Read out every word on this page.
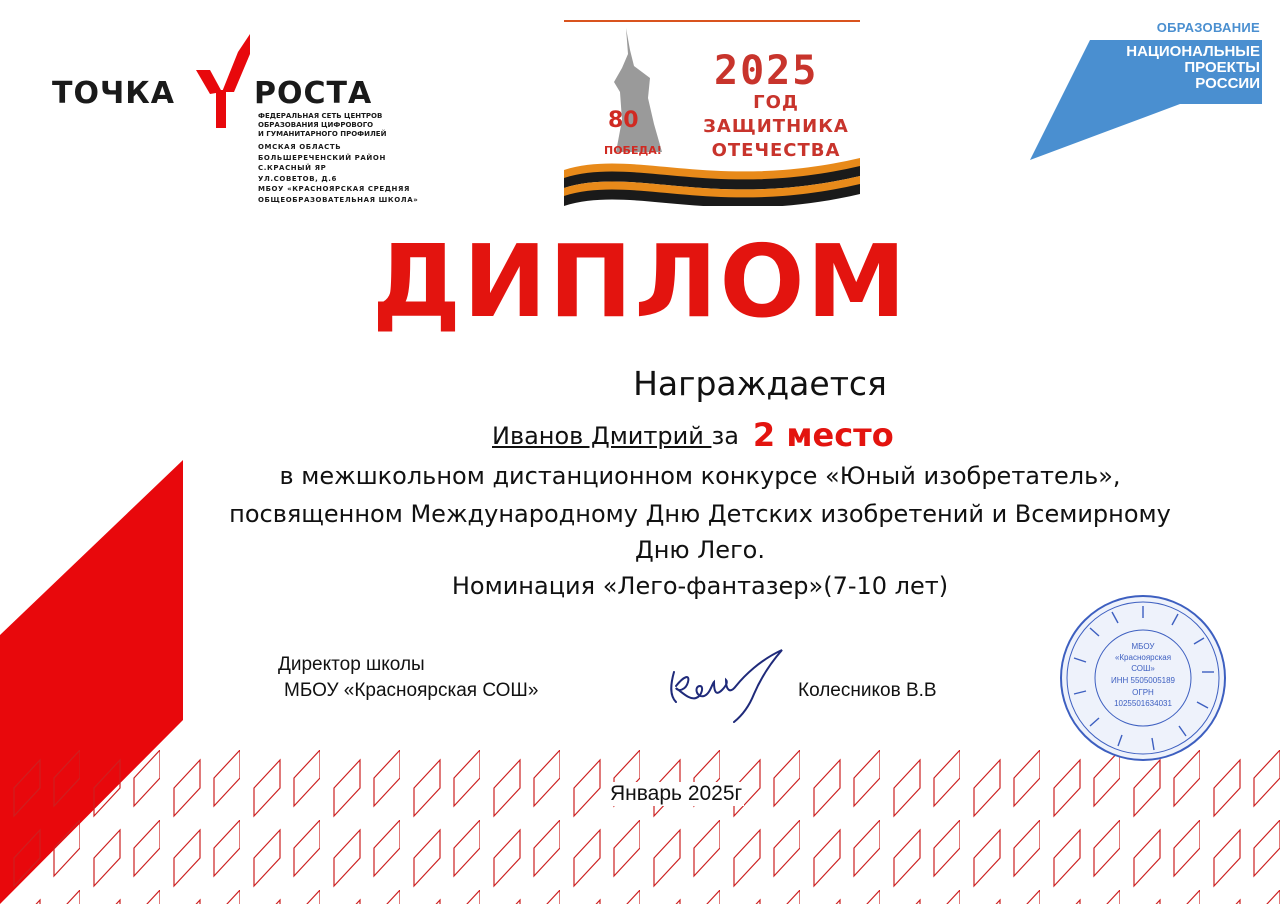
ТОЧКА	РОСТА
ФЕДЕРАЛЬНАЯ СЕТЬ ЦЕНТРОВ
ОБРАЗОВАНИЯ ЦИФРОВОГО
И ГУМАНИТАРНОГО ПРОФИЛЕЙ
ОМСКАЯ ОБЛАСТЬ
БОЛЬШЕРЕЧЕНСКИЙ РАЙОН
С.КРАСНЫЙ ЯР
УЛ.СОВЕТОВ, Д.6
МБОУ «КРАСНОЯРСКАЯ СРЕДНЯЯ
ОБЩЕОБРАЗОВАТЕЛЬНАЯ ШКОЛА»
80
ПОБЕДА!
2025
ГОД
ЗАЩИТНИКА
ОТЕЧЕСТВА
ОБРАЗОВАНИЕ
НАЦИОНАЛЬНЫЕ
ПРОЕКТЫ
РОССИИ
ДИПЛОМ
Награждается
Иванов Дмитрий за 2 место
в межшкольном дистанционном конкурсе «Юный изобретатель»,
посвященном Международному Дню Детских изобретений и Всемирному
Дню Лего.
Номинация «Лего-фантазер»(7-10 лет)
Директор школы
МБОУ «Красноярская СОШ»	Колесников В.В
МБОУ
«Красноярская
СОШ»
ИНН 5505005189
ОГРН
1025501634031
Январь 2025г
